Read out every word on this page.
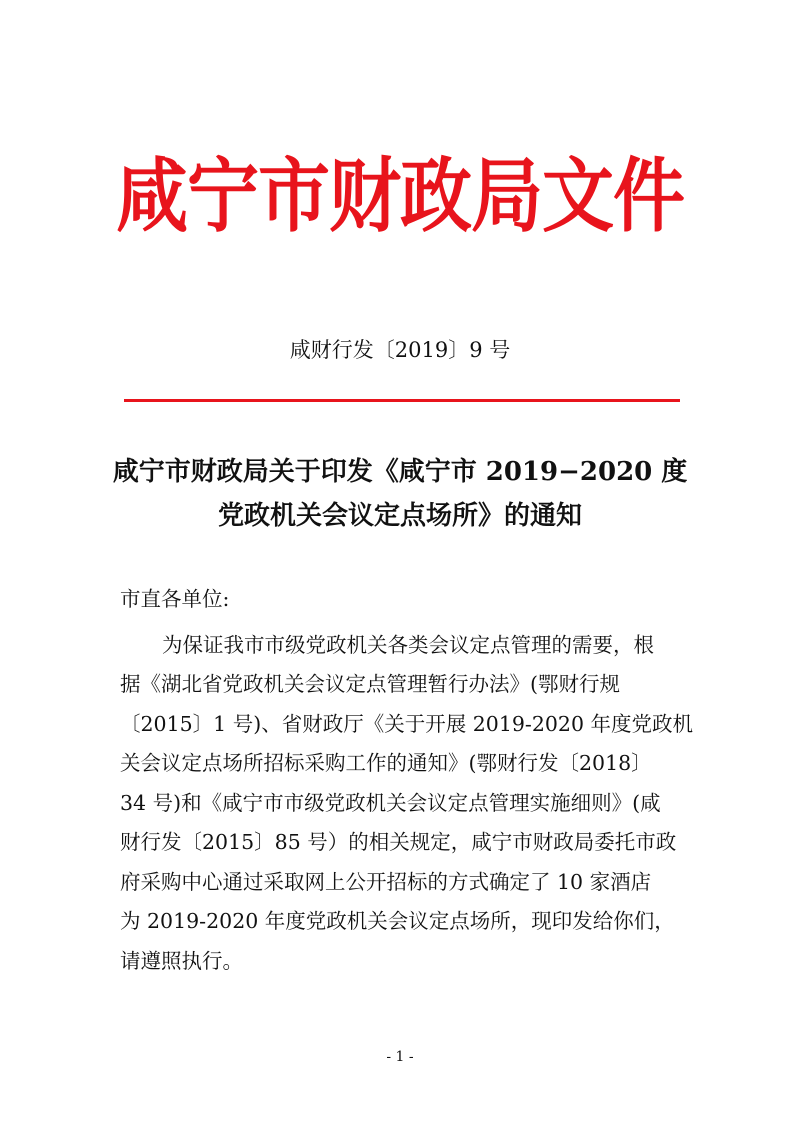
咸宁市财政局文件
咸财行发〔2019〕9 号
咸宁市财政局关于印发《咸宁市 2019−2020 度
党政机关会议定点场所》的通知
市直各单位:
为保证我市市级党政机关各类会议定点管理的需要，根
据《湖北省党政机关会议定点管理暂行办法》(鄂财行规
〔2015〕1 号)、省财政厅《关于开展 2019-2020 年度党政机
关会议定点场所招标采购工作的通知》(鄂财行发〔2018〕
34 号)和《咸宁市市级党政机关会议定点管理实施细则》(咸
财行发〔2015〕85 号）的相关规定，咸宁市财政局委托市政
府采购中心通过采取网上公开招标的方式确定了 10 家酒店
为 2019-2020 年度党政机关会议定点场所，现印发给你们，
请遵照执行。
- 1 -
